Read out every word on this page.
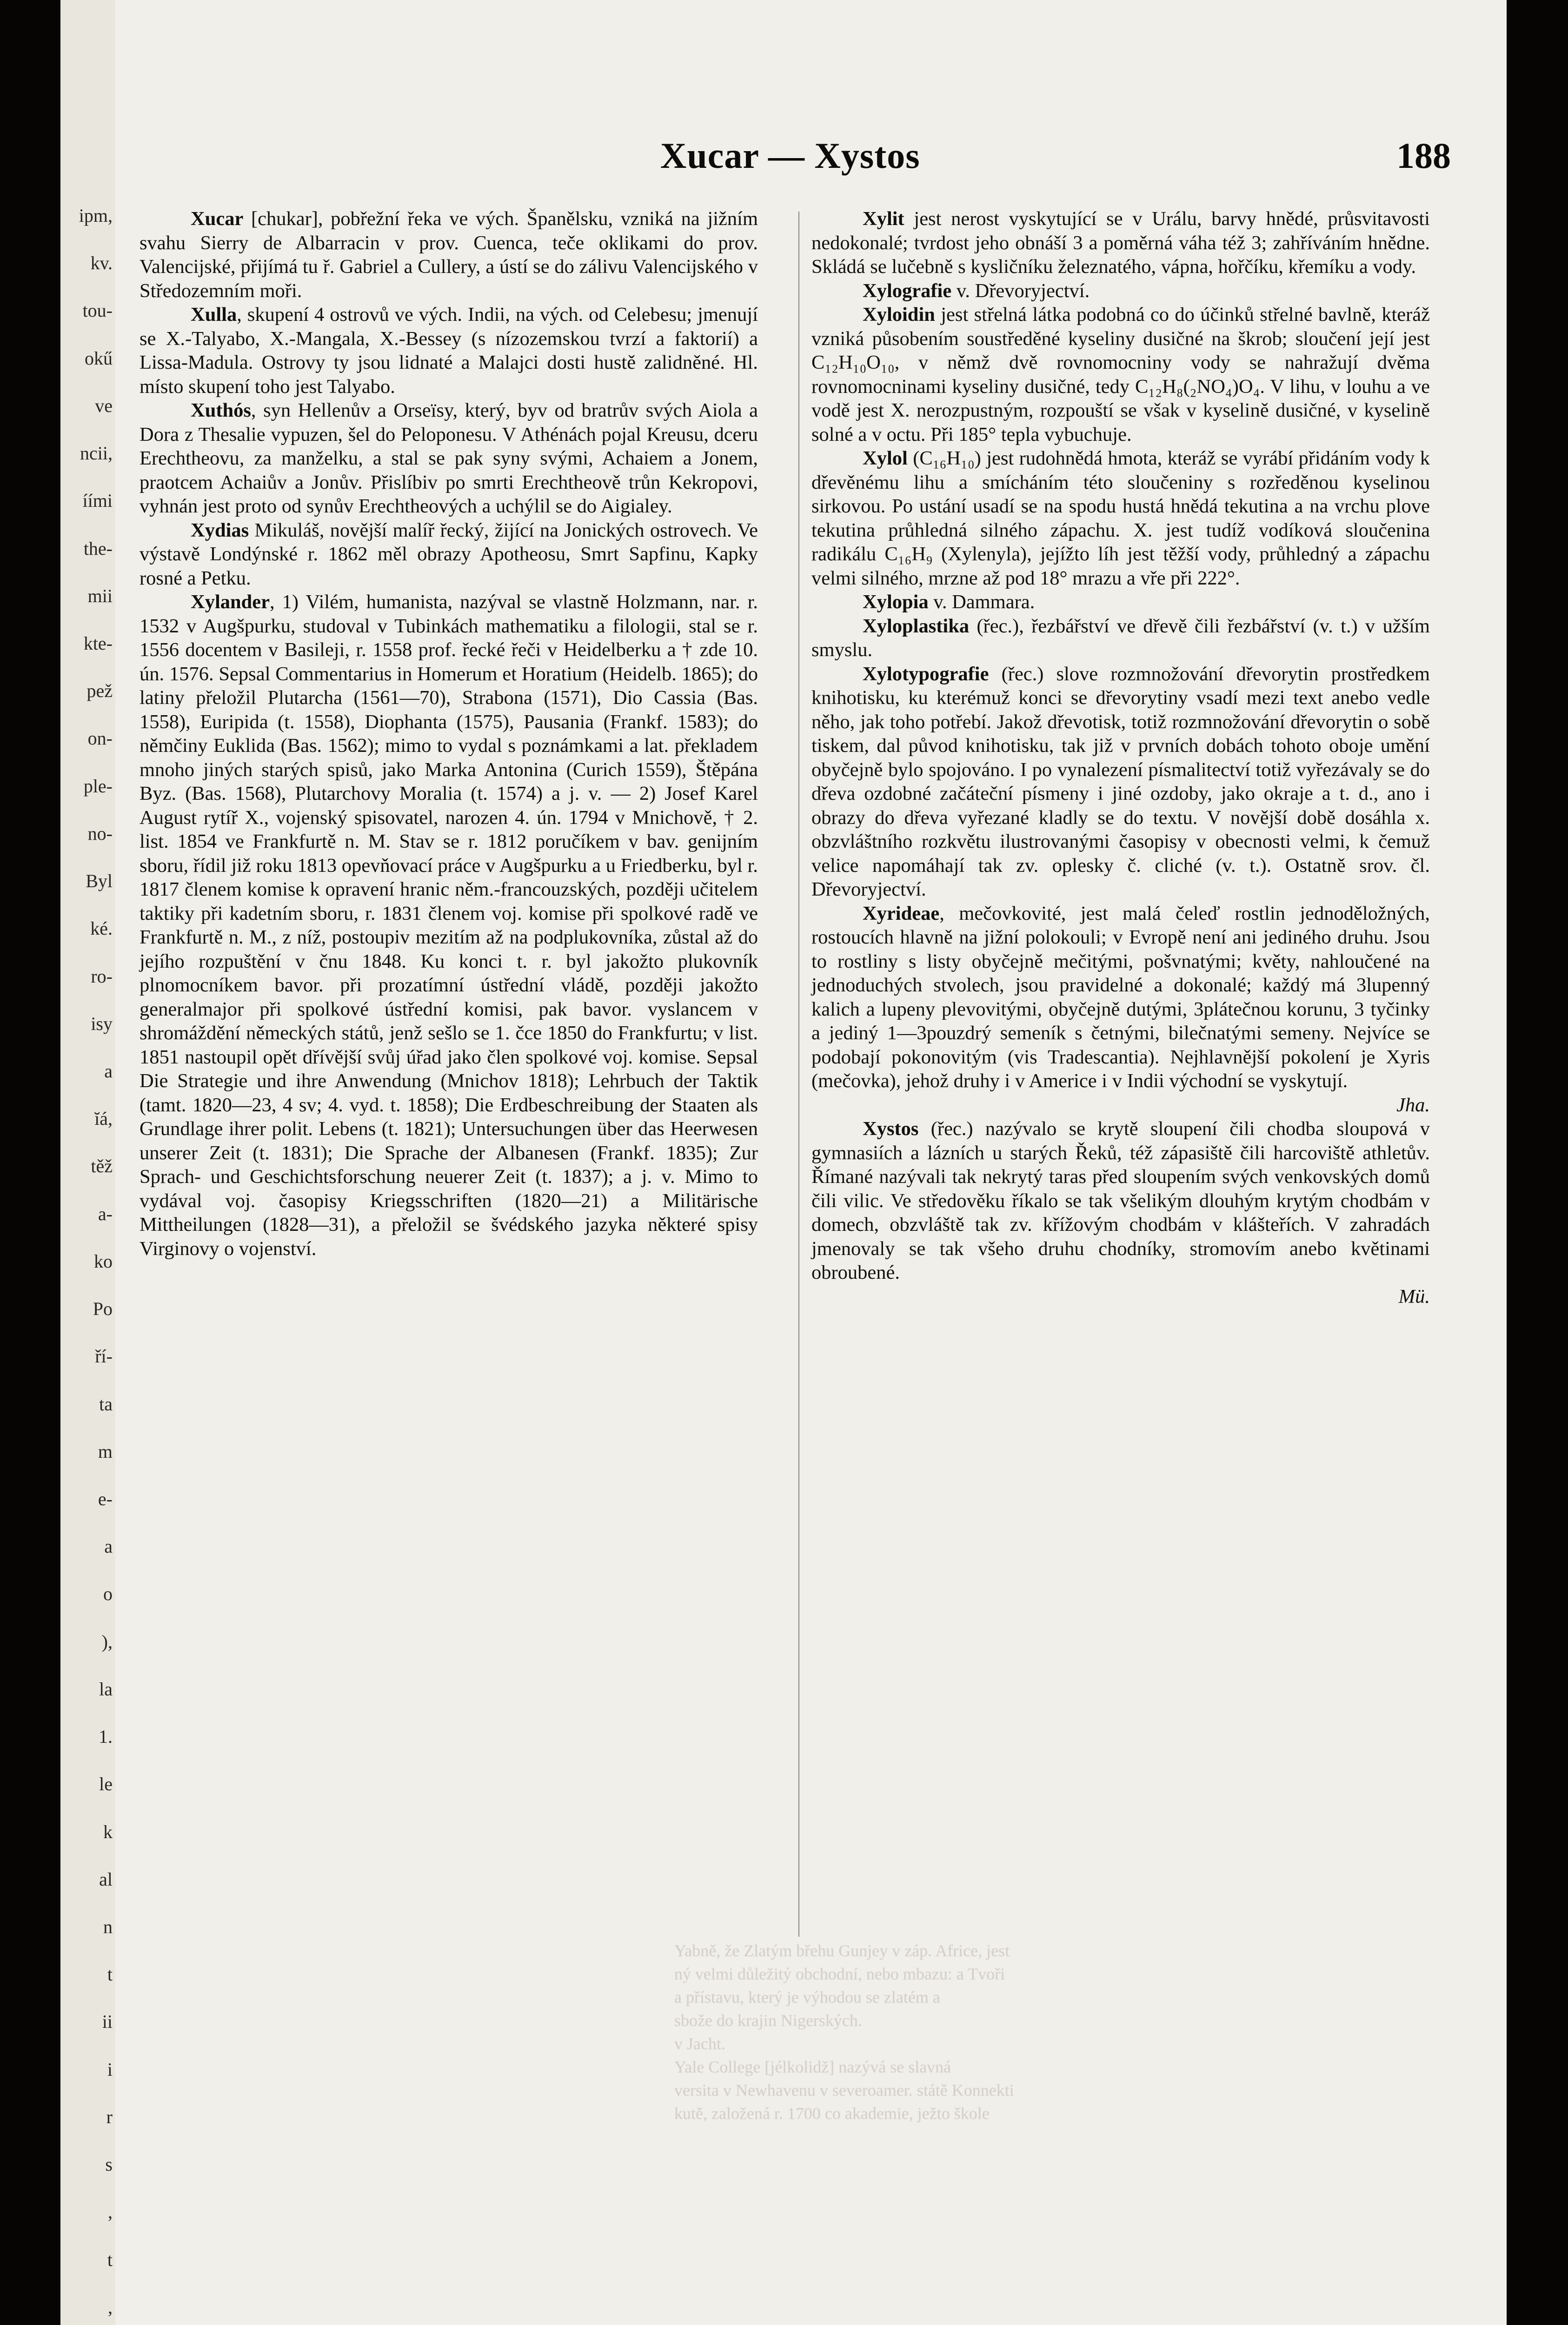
ipm,
kv.
tou-
okű
ve
ncii,
íími
the-
mii
kte-
pež
on-
ple-
no-
Byl
ké.
ro-
isy
a
ĭá,
těž
a-
ko
Po
ří-
ta
m
e-
a
o
),
la
1.
le
k
al
n
t
ii
i
r
s
,
t
,
Xucar — Xystos	188

Xucar [chukar], pobřežní řeka ve vých. Španělsku, vzniká na jižním svahu Sierry de Albarracin v prov. Cuenca, teče oklikami do prov. Valencijské, přijímá tu ř. Gabriel a Cullery, a ústí se do zálivu Valencijského v Středozemním moři.

Xulla, skupení 4 ostrovů ve vých. Indii, na vých. od Celebesu; jmenují se X.-Talyabo, X.-Mangala, X.-Bessey (s nízozemskou tvrzí a faktorií) a Lissa-Madula. Ostrovy ty jsou lidnaté a Malajci dosti hustě zalidněné. Hl. místo skupení toho jest Talyabo.

Xuthós, syn Hellenův a Orseïsy, který, byv od bratrův svých Aiola a Dora z Thesalie vypuzen, šel do Peloponesu. V Athénách pojal Kreusu, dceru Erechtheovu, za manželku, a stal se pak syny svými, Achaiem a Jonem, praotcem Achaiův a Jonův. Přislíbiv po smrti Erechtheově trůn Kekropovi, vyhnán jest proto od synův Erechtheových a uchýlil se do Aigialey.

Xydias Mikuláš, novější malíř řecký, žijící na Jonických ostrovech. Ve výstavě Londýnské r. 1862 měl obrazy Apotheosu, Smrt Sapfinu, Kapky rosné a Petku.

Xylander, 1) Vilém, humanista, nazýval se vlastně Holzmann, nar. r. 1532 v Augšpurku, studoval v Tubinkách mathematiku a filologii, stal se r. 1556 docentem v Basileji, r. 1558 prof. řecké řeči v Heidelberku a † zde 10. ún. 1576. Sepsal Commentarius in Homerum et Horatium (Heidelb. 1865); do latiny přeložil Plutarcha (1561—70), Strabona (1571), Dio Cassia (Bas. 1558), Euripida (t. 1558), Diophanta (1575), Pausania (Frankf. 1583); do němčiny Euklida (Bas. 1562); mimo to vydal s poznámkami a lat. překladem mnoho jiných starých spisů, jako Marka Antonina (Curich 1559), Štěpána Byz. (Bas. 1568), Plutarchovy Moralia (t. 1574) a j. v. — 2) Josef Karel August rytíř X., vojenský spisovatel, narozen 4. ún. 1794 v Mnichově, † 2. list. 1854 ve Frankfurtě n. M. Stav se r. 1812 poručíkem v bav. genijním sboru, řídil již roku 1813 opevňovací práce v Augšpurku a u Friedberku, byl r. 1817 členem komise k opravení hranic něm.-francouzských, později učitelem taktiky při kadetním sboru, r. 1831 členem voj. komise při spolkové radě ve Frankfurtě n. M., z níž, postoupiv mezitím až na podplukovníka, zůstal až do jejího rozpuštění v čnu 1848. Ku konci t. r. byl jakožto plukovník plnomocníkem bavor. při prozatímní ústřední vládě, později jakožto generalmajor při spolkové ústřední komisi, pak bavor. vyslancem v shromáždění německých států, jenž sešlo se 1. čce 1850 do Frankfurtu; v list. 1851 nastoupil opět dřívější svůj úřad jako člen spolkové voj. komise. Sepsal Die Strategie und ihre Anwendung (Mnichov 1818); Lehrbuch der Taktik (tamt. 1820—23, 4 sv; 4. vyd. t. 1858); Die Erdbeschreibung der Staaten als Grundlage ihrer polit. Lebens (t. 1821); Untersuchungen über das Heerwesen unserer Zeit (t. 1831); Die Sprache der Albanesen (Frankf. 1835); Zur Sprach- und Geschichtsforschung neuerer Zeit (t. 1837); a j. v. Mimo to vydával voj. časopisy Kriegsschriften (1820—21) a Militärische Mittheilungen (1828—31), a přeložil se švédského jazyka některé spisy Virginovy o vojenství.

Xylit jest nerost vyskytující se v Urálu, barvy hnědé, průsvitavosti nedokonalé; tvrdost jeho obnáší 3 a poměrná váha též 3; zahříváním hnědne. Skládá se lučebně s kysličníku železnatého, vápna, hořčíku, křemíku a vody.

Xylografie v. Dřevoryjectví.

Xyloidin jest střelná látka podobná co do účinků střelné bavlně, kteráž vzniká působením soustředěné kyseliny dusičné na škrob; sloučení její jest C₁₂H₁₀O₁₀, v němž dvě rovnomocniny vody se nahražují dvěma rovnomocninami kyseliny dusičné, tedy C₁₂H₈(₂NO₄)O₄. V lihu, v louhu a ve vodě jest X. nerozpustným, rozpouští se však v kyselině dusičné, v kyselině solné a v octu. Při 185° tepla vybuchuje.

Xylol (C₁₆H₁₀) jest rudohnědá hmota, kteráž se vyrábí přidáním vody k dřevěnému lihu a smícháním této sloučeniny s rozředěnou kyselinou sirkovou. Po ustání usadí se na spodu hustá hnědá tekutina a na vrchu plove tekutina průhledná silného zápachu. X. jest tudíž vodíková sloučenina radikálu C₁₆H₉ (Xylenyla), jejížto líh jest těžší vody, průhledný a zápachu velmi silného, mrzne až pod 18° mrazu a vře při 222°.

Xylopia v. Dammara.

Xyloplastika (řec.), řezbářství ve dřevě čili řezbářství (v. t.) v užším smyslu.

Xylotypografie (řec.) slove rozmnožování dřevorytin prostředkem knihotisku, ku kterémuž konci se dřevorytiny vsadí mezi text anebo vedle něho, jak toho potřebí. Jakož dřevotisk, totiž rozmnožování dřevorytin o sobě tiskem, dal původ knihotisku, tak již v prvních dobách tohoto oboje umění obyčejně bylo spojováno. I po vynalezení písmalitectví totiž vyřezávaly se do dřeva ozdobné začáteční písmeny i jiné ozdoby, jako okraje a t. d., ano i obrazy do dřeva vyřezané kladly se do textu. V novější době dosáhla x. obzvláštního rozkvětu ilustrovanými časopisy v obecnosti velmi, k čemuž velice napomáhají tak zv. oplesky č. cliché (v. t.). Ostatně srov. čl. Dřevoryjectví.

Xyrideae, mečovkovité, jest malá čeleď rostlin jednoděložných, rostoucích hlavně na jižní polokouli; v Evropě není ani jediného druhu. Jsou to rostliny s listy obyčejně mečitými, pošvnatými; květy, nahloučené na jednoduchých stvolech, jsou pravidelné a dokonalé; každý má 3lupenný kalich a lupeny plevovitými, obyčejně dutými, 3plátečnou korunu, 3 tyčinky a jediný 1—3pouzdrý semeník s četnými, bilečnatými semeny. Nejvíce se podobají pokonovitým (vis Tradescantia). Nejhlavnější pokolení je Xyris (mečovka), jehož druhy i v Americe i v Indii východní se vyskytují.
Jha.

Xystos (řec.) nazývalo se krytě sloupení čili chodba sloupová v gymnasiích a lázních u starých Řeků, též zápasiště čili harcoviště athletův. Římané nazývali tak nekrytý taras před sloupením svých venkovských domů čili vilic. Ve středověku říkalo se tak všelikým dlouhým krytým chodbám v domech, obzvláště tak zv. křížovým chodbám v klášteřích. V zahradách jmenovaly se tak všeho druhu chodníky, stromovím anebo květinami obroubené.
Mü.

Yabně, že Zlatým břehu Gunjey v záp. Africe, jest
ný velmi důležitý obchodní, nebo mbazu: a Tvoři
a přístavu, který je výhodou se zlatém a
sbože do krajin Nigerských.
v Jacht.
Yale College [jélkolidž] nazývá se slavná
versita v Newhavenu v severoamer. státě Konnekti
kutě, založená r. 1700 co akademie, ježto škole
